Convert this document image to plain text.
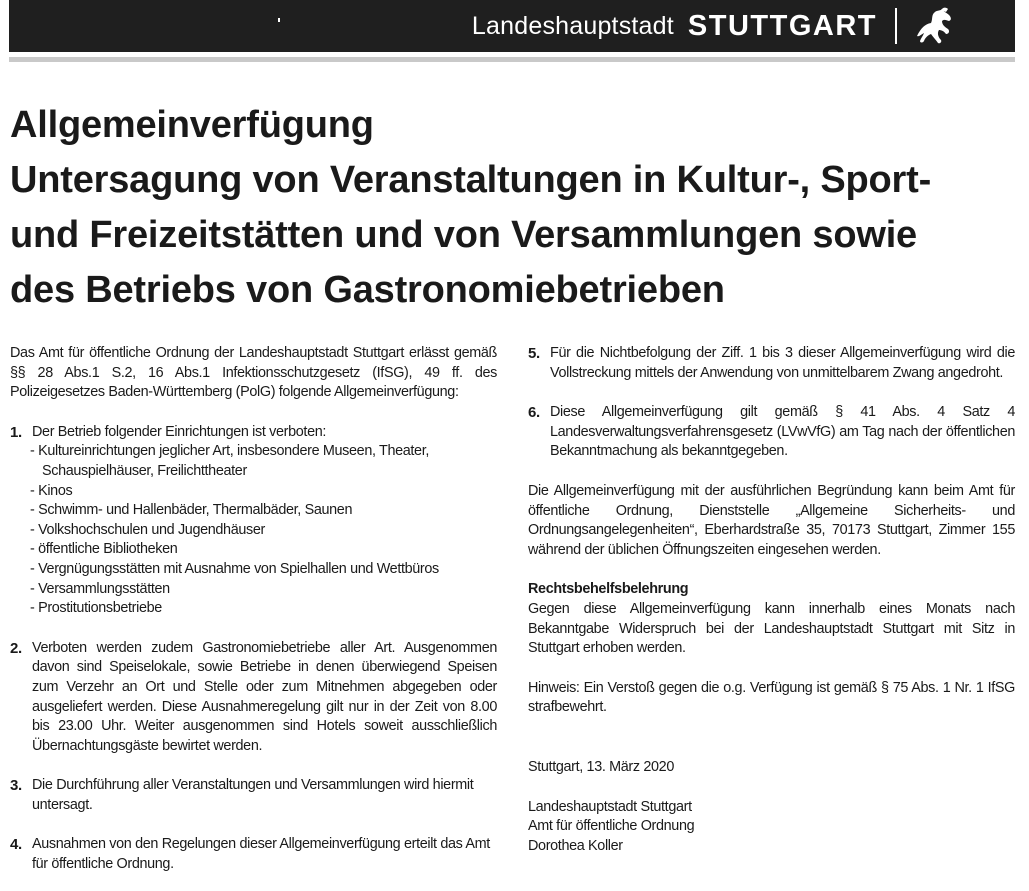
Landeshauptstadt STUTTGART
Allgemeinverfügung
Untersagung von Veranstaltungen in Kultur-, Sport-
und Freizeitstätten und von Versammlungen sowie
des Betriebs von Gastronomiebetrieben

Das Amt für öffentliche Ordnung der Landeshauptstadt Stuttgart erlässt gemäß §§ 28 Abs.1 S.2, 16 Abs.1 Infektionsschutzgesetz (IfSG), 49 ff. des Polizeigesetzes Baden-Württemberg (PolG) folgende Allgemeinverfügung:

1. Der Betrieb folgender Einrichtungen ist verboten:

- Kultureinrichtungen jeglicher Art, insbesondere Museen, Theater,

Schauspielhäuser, Freilichttheater

- Kinos

- Schwimm- und Hallenbäder, Thermalbäder, Saunen

- Volkshochschulen und Jugendhäuser

- öffentliche Bibliotheken

- Vergnügungsstätten mit Ausnahme von Spielhallen und Wettbüros

- Versammlungsstätten

- Prostitutionsbetriebe

2. Verboten werden zudem Gastronomiebetriebe aller Art. Ausgenommen davon sind Speiselokale, sowie Betriebe in denen überwiegend Speisen zum Verzehr an Ort und Stelle oder zum Mitnehmen abgegeben oder ausgeliefert werden. Diese Ausnahmeregelung gilt nur in der Zeit von 8.00 bis 23.00 Uhr. Weiter ausgenommen sind Hotels soweit ausschließlich Übernachtungsgäste bewirtet werden.

3. Die Durchführung aller Veranstaltungen und Versammlungen wird hiermit untersagt.

4. Ausnahmen von den Regelungen dieser Allgemeinverfügung erteilt das Amt für öffentliche Ordnung.

5. Für die Nichtbefolgung der Ziff. 1 bis 3 dieser Allgemeinverfügung wird die Vollstreckung mittels der Anwendung von unmittelbarem Zwang angedroht.

6. Diese Allgemeinverfügung gilt gemäß § 41 Abs. 4 Satz 4 Landesverwaltungsverfahrensgesetz (LVwVfG) am Tag nach der öffentlichen Bekanntmachung als bekanntgegeben.

Die Allgemeinverfügung mit der ausführlichen Begründung kann beim Amt für öffentliche Ordnung, Dienststelle „Allgemeine Sicherheits- und Ordnungsangelegenheiten“, Eberhardstraße 35, 70173 Stuttgart, Zimmer 155 während der üblichen Öffnungszeiten eingesehen werden.

Rechtsbehelfsbelehrung

Gegen diese Allgemeinverfügung kann innerhalb eines Monats nach Bekanntgabe Widerspruch bei der Landeshauptstadt Stuttgart mit Sitz in Stuttgart erhoben werden.

Hinweis: Ein Verstoß gegen die o.g. Verfügung ist gemäß § 75 Abs. 1 Nr. 1 IfSG strafbewehrt.

Stuttgart, 13. März 2020

Landeshauptstadt Stuttgart

Amt für öffentliche Ordnung

Dorothea Koller
